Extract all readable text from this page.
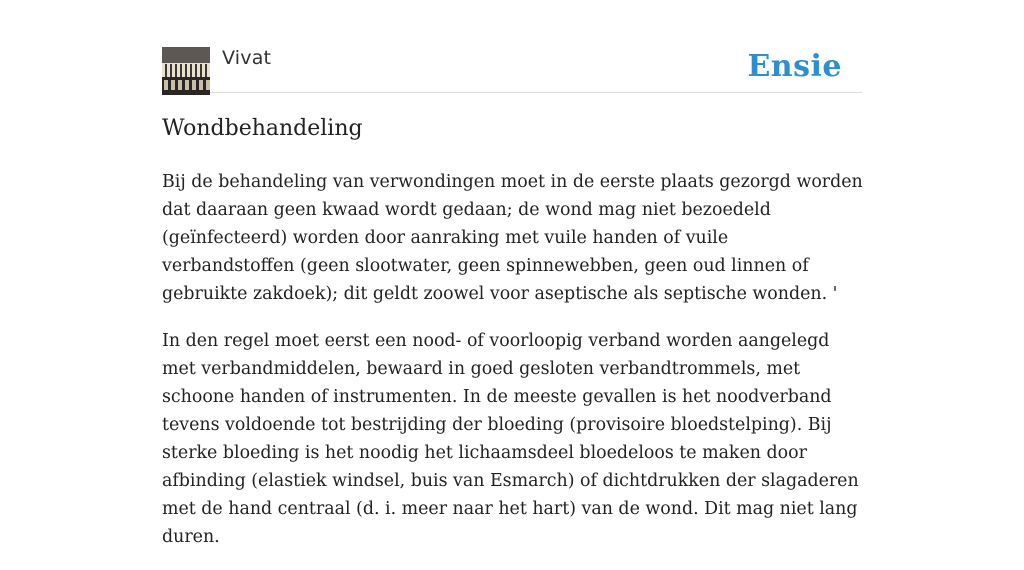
Vivat	Ensie
Wondbehandeling

Bij de behandeling van verwondingen moet in de eerste plaats gezorgd worden dat daaraan geen kwaad wordt gedaan; de wond mag niet bezoedeld (geïnfecteerd) worden door aanraking met vuile handen of vuile verbandstoffen (geen slootwater, geen spinnewebben, geen oud linnen of gebruikte zakdoek); dit geldt zoowel voor aseptische als septische wonden. '

In den regel moet eerst een nood- of voorloopig verband worden aangelegd met verbandmiddelen, bewaard in goed gesloten verbandtrommels, met schoone handen of instrumenten. In de meeste gevallen is het noodverband tevens voldoende tot bestrijding der bloeding (provisoire bloedstelping). Bij sterke bloeding is het noodig het lichaamsdeel bloedeloos te maken door afbinding (elastiek windsel, buis van Esmarch) of dichtdrukken der slagaderen met de hand centraal (d. i. meer naar het hart) van de wond. Dit mag niet lang duren.
